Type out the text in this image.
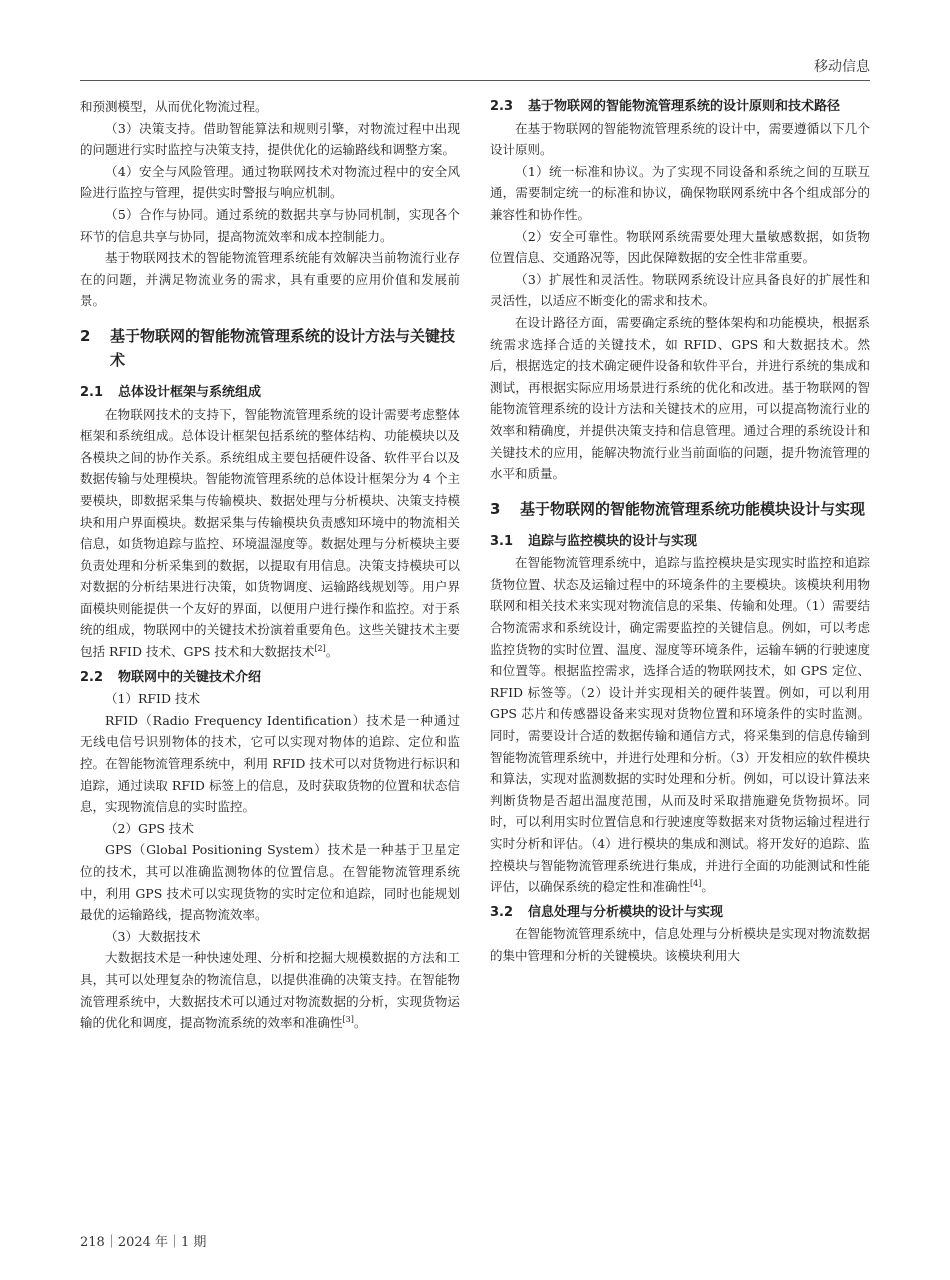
移动信息

和预测模型，从而优化物流过程。

（3）决策支持。借助智能算法和规则引擎，对物流过程中出现的问题进行实时监控与决策支持，提供优化的运输路线和调整方案。

（4）安全与风险管理。通过物联网技术对物流过程中的安全风险进行监控与管理，提供实时警报与响应机制。

（5）合作与协同。通过系统的数据共享与协同机制，实现各个环节的信息共享与协同，提高物流效率和成本控制能力。

基于物联网技术的智能物流管理系统能有效解决当前物流行业存在的问题，并满足物流业务的需求，具有重要的应用价值和发展前景。

2	基于物联网的智能物流管理系统的设计方法与关键技术
2.1	总体设计框架与系统组成

在物联网技术的支持下，智能物流管理系统的设计需要考虑整体框架和系统组成。总体设计框架包括系统的整体结构、功能模块以及各模块之间的协作关系。系统组成主要包括硬件设备、软件平台以及数据传输与处理模块。智能物流管理系统的总体设计框架分为 4 个主要模块，即数据采集与传输模块、数据处理与分析模块、决策支持模块和用户界面模块。数据采集与传输模块负责感知环境中的物流相关信息，如货物追踪与监控、环境温湿度等。数据处理与分析模块主要负责处理和分析采集到的数据，以提取有用信息。决策支持模块可以对数据的分析结果进行决策，如货物调度、运输路线规划等。用户界面模块则能提供一个友好的界面，以便用户进行操作和监控。对于系统的组成，物联网中的关键技术扮演着重要角色。这些关键技术主要包括 RFID 技术、GPS 技术和大数据技术[2]。

2.2	物联网中的关键技术介绍

（1）RFID 技术

RFID（Radio Frequency Identification）技术是一种通过无线电信号识别物体的技术，它可以实现对物体的追踪、定位和监控。在智能物流管理系统中，利用 RFID 技术可以对货物进行标识和追踪，通过读取 RFID 标签上的信息，及时获取货物的位置和状态信息，实现物流信息的实时监控。

（2）GPS 技术

GPS（Global Positioning System）技术是一种基于卫星定位的技术，其可以准确监测物体的位置信息。在智能物流管理系统中，利用 GPS 技术可以实现货物的实时定位和追踪，同时也能规划最优的运输路线，提高物流效率。

（3）大数据技术

大数据技术是一种快速处理、分析和挖掘大规模数据的方法和工具，其可以处理复杂的物流信息，以提供准确的决策支持。在智能物流管理系统中，大数据技术可以通过对物流数据的分析，实现货物运输的优化和调度，提高物流系统的效率和准确性[3]。

2.3	基于物联网的智能物流管理系统的设计原则和技术路径

在基于物联网的智能物流管理系统的设计中，需要遵循以下几个设计原则。

（1）统一标准和协议。为了实现不同设备和系统之间的互联互通，需要制定统一的标准和协议，确保物联网系统中各个组成部分的兼容性和协作性。

（2）安全可靠性。物联网系统需要处理大量敏感数据，如货物位置信息、交通路况等，因此保障数据的安全性非常重要。

（3）扩展性和灵活性。物联网系统设计应具备良好的扩展性和灵活性，以适应不断变化的需求和技术。

在设计路径方面，需要确定系统的整体架构和功能模块，根据系统需求选择合适的关键技术，如 RFID、GPS 和大数据技术。然后，根据选定的技术确定硬件设备和软件平台，并进行系统的集成和测试，再根据实际应用场景进行系统的优化和改进。基于物联网的智能物流管理系统的设计方法和关键技术的应用，可以提高物流行业的效率和精确度，并提供决策支持和信息管理。通过合理的系统设计和关键技术的应用，能解决物流行业当前面临的问题，提升物流管理的水平和质量。

3	基于物联网的智能物流管理系统功能模块设计与实现
3.1	追踪与监控模块的设计与实现

在智能物流管理系统中，追踪与监控模块是实现实时监控和追踪货物位置、状态及运输过程中的环境条件的主要模块。该模块利用物联网和相关技术来实现对物流信息的采集、传输和处理。（1）需要结合物流需求和系统设计，确定需要监控的关键信息。例如，可以考虑监控货物的实时位置、温度、湿度等环境条件，运输车辆的行驶速度和位置等。根据监控需求，选择合适的物联网技术，如 GPS 定位、RFID 标签等。（2）设计并实现相关的硬件装置。例如，可以利用 GPS 芯片和传感器设备来实现对货物位置和环境条件的实时监测。同时，需要设计合适的数据传输和通信方式，将采集到的信息传输到智能物流管理系统中，并进行处理和分析。（3）开发相应的软件模块和算法，实现对监测数据的实时处理和分析。例如，可以设计算法来判断货物是否超出温度范围，从而及时采取措施避免货物损坏。同时，可以利用实时位置信息和行驶速度等数据来对货物运输过程进行实时分析和评估。（4）进行模块的集成和测试。将开发好的追踪、监控模块与智能物流管理系统进行集成，并进行全面的功能测试和性能评估，以确保系统的稳定性和准确性[4]。

3.2	信息处理与分析模块的设计与实现

在智能物流管理系统中，信息处理与分析模块是实现对物流数据的集中管理和分析的关键模块。该模块利用大

218｜2024 年｜1 期
